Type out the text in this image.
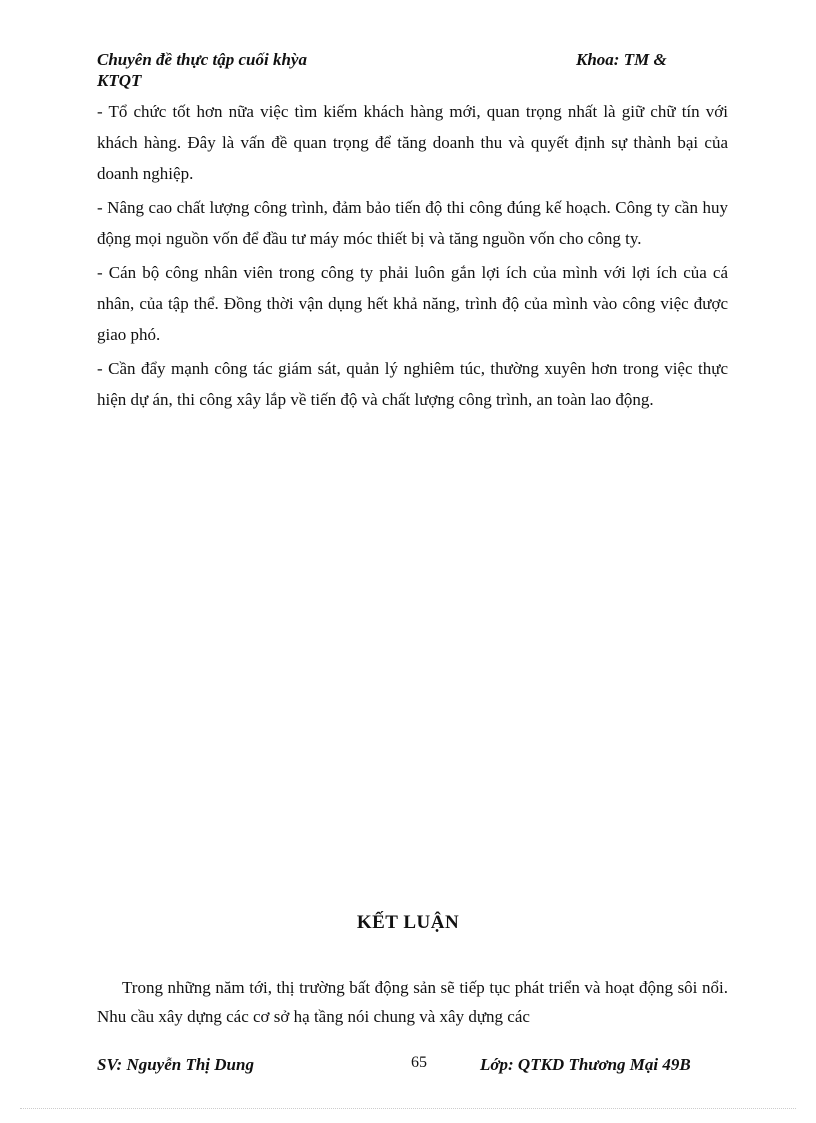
Chuyên đề thực tập cuối khỳa	Khoa: TM &
KTQT

- Tổ chức tốt hơn nữa việc tìm kiếm khách hàng mới, quan trọng nhất là giữ chữ tín với khách hàng. Đây là vấn đề quan trọng để tăng doanh thu và quyết định sự thành bại của doanh nghiệp.

- Nâng cao chất lượng công trình, đảm bảo tiến độ thi công đúng kế hoạch. Công ty cần huy động mọi nguồn vốn để đầu tư máy móc thiết bị và tăng nguồn vốn cho công ty.

- Cán bộ công nhân viên trong công ty phải luôn gắn lợi ích của mình với lợi ích của cá nhân, của tập thể. Đồng thời vận dụng hết khả năng, trình độ của mình vào công việc được giao phó.

- Cần đẩy mạnh công tác giám sát, quản lý nghiêm túc, thường xuyên hơn trong việc thực hiện dự án, thi công xây lắp về tiến độ và chất lượng công trình, an toàn lao động.

KẾT LUẬN

Trong những năm tới, thị trường bất động sản sẽ tiếp tục phát triển và hoạt động sôi nổi. Nhu cầu xây dựng các cơ sở hạ tầng nói chung và xây dựng các

SV: Nguyễn Thị Dung	65	Lớp: QTKD Thương Mại 49B
